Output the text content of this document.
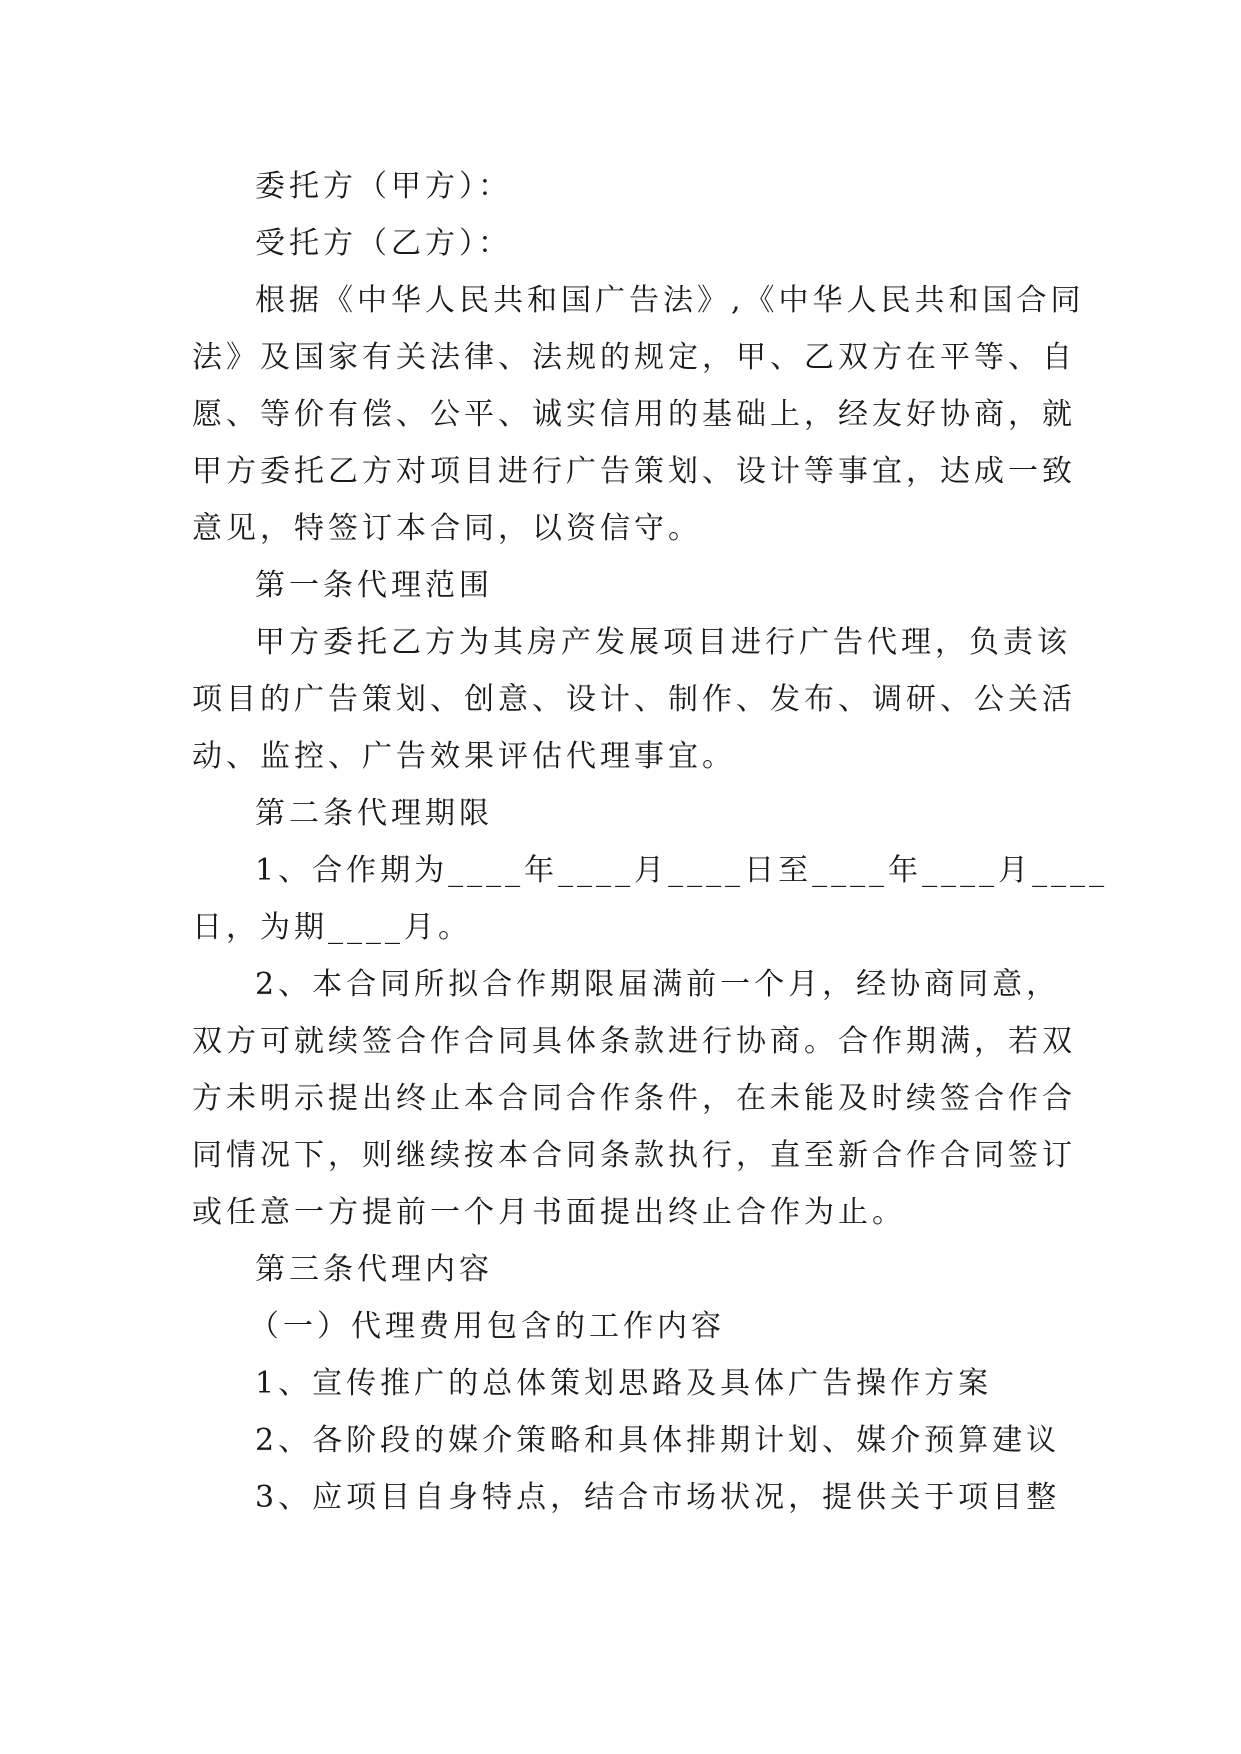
委托方（甲方）：
受托方（乙方）：
根据《中华人民共和国广告法》,《中华人民共和国合同
法》及国家有关法律、法规的规定，甲、乙双方在平等、自
愿、等价有偿、公平、诚实信用的基础上，经友好协商，就
甲方委托乙方对项目进行广告策划、设计等事宜，达成一致
意见，特签订本合同，以资信守。
第一条代理范围
甲方委托乙方为其房产发展项目进行广告代理，负责该
项目的广告策划、创意、设计、制作、发布、调研、公关活
动、监控、广告效果评估代理事宜。
第二条代理期限
1、合作期为____年____月____日至____年____月____
日，为期____月。
2、本合同所拟合作期限届满前一个月，经协商同意，
双方可就续签合作合同具体条款进行协商。合作期满，若双
方未明示提出终止本合同合作条件，在未能及时续签合作合
同情况下，则继续按本合同条款执行，直至新合作合同签订
或任意一方提前一个月书面提出终止合作为止。
第三条代理内容
（一）代理费用包含的工作内容
1、宣传推广的总体策划思路及具体广告操作方案
2、各阶段的媒介策略和具体排期计划、媒介预算建议
3、应项目自身特点，结合市场状况，提供关于项目整
